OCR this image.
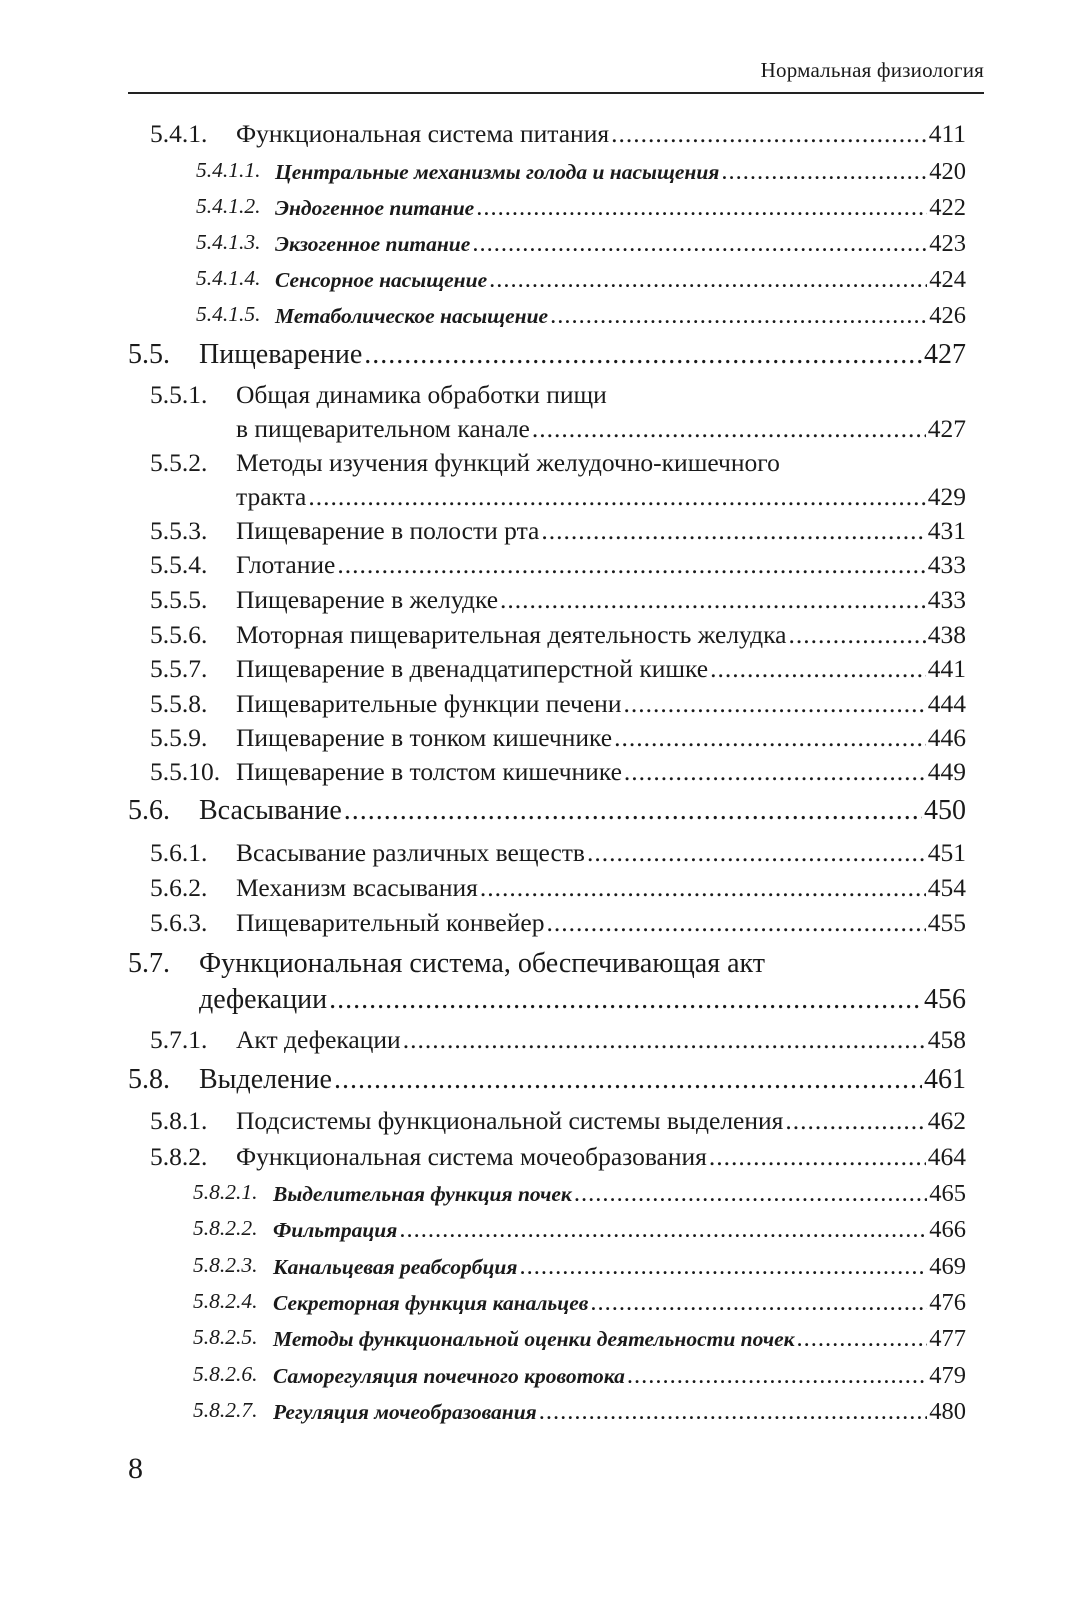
Нормальная физиология
5.4.1. Функциональная система питания .....	411
5.4.1.1. Центральные механизмы голода и насыщения .....	420
5.4.1.2. Эндогенное питание .....	422
5.4.1.3. Экзогенное питание .....	423
5.4.1.4. Сенсорное насыщение .....	424
5.4.1.5. Метаболическое насыщение .....	426
5.5. Пищеварение .....	427
5.5.1. Общая динамика обработки пищи
в пищеварительном канале .....	427
5.5.2. Методы изучения функций желудочно-кишечного
тракта .....	429
5.5.3. Пищеварение в полости рта .....	431
5.5.4. Глотание .....	433
5.5.5. Пищеварение в желудке .....	433
5.5.6. Моторная пищеварительная деятельность желудка .....	438
5.5.7. Пищеварение в двенадцатиперстной кишке .....	441
5.5.8. Пищеварительные функции печени .....	444
5.5.9. Пищеварение в тонком кишечнике .....	446
5.5.10. Пищеварение в толстом кишечнике .....	449
5.6. Всасывание .....	450
5.6.1. Всасывание различных веществ .....	451
5.6.2. Механизм всасывания .....	454
5.6.3. Пищеварительный конвейер .....	455
5.7. Функциональная система, обеспечивающая акт
дефекации .....	456
5.7.1. Акт дефекации .....	458
5.8. Выделение .....	461
5.8.1. Подсистемы функциональной системы выделения .....	462
5.8.2. Функциональная система мочеобразования .....	464
5.8.2.1. Выделительная функция почек .....	465
5.8.2.2. Фильтрация .....	466
5.8.2.3. Канальцевая реабсорбция .....	469
5.8.2.4. Секреторная функция канальцев .....	476
5.8.2.5. Методы функциональной оценки деятельности почек .....	477
5.8.2.6. Саморегуляция почечного кровотока .....	479
5.8.2.7. Регуляция мочеобразования .....	480
8
